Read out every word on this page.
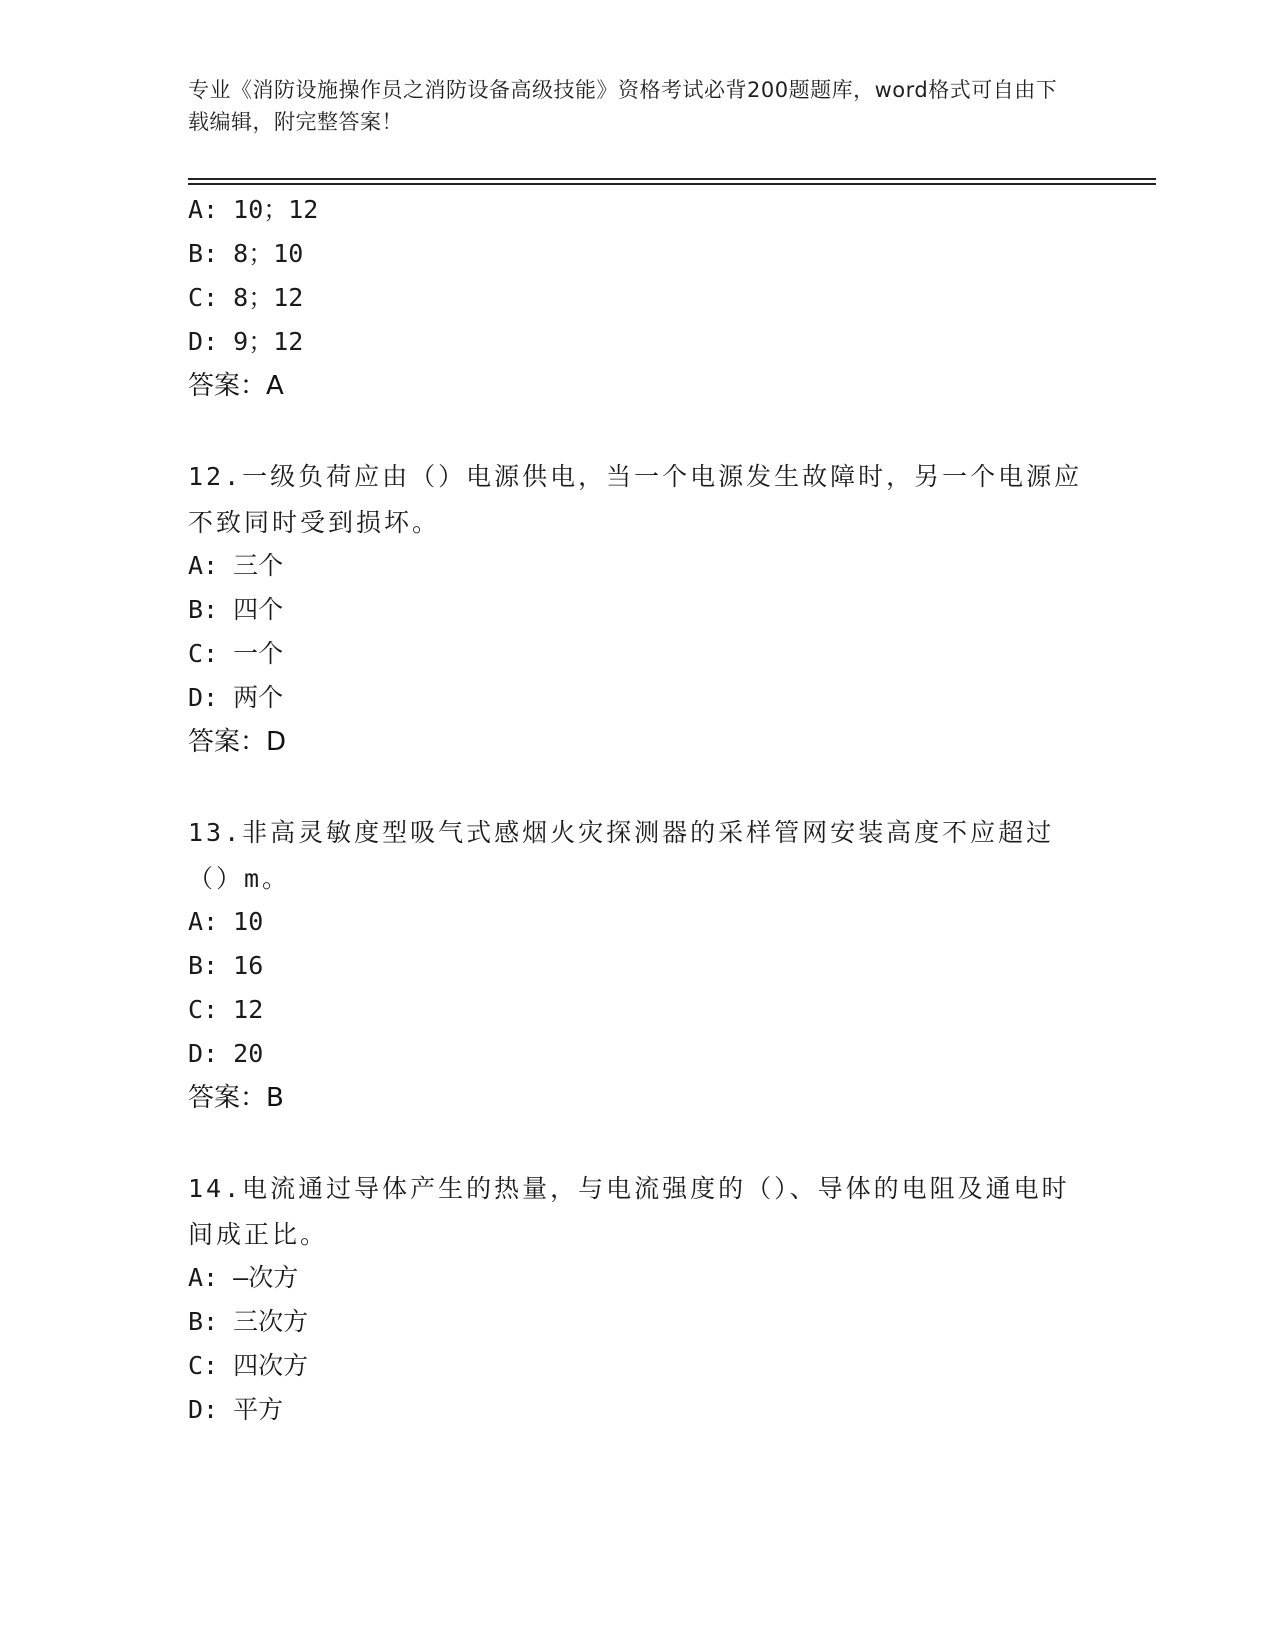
专业《消防设施操作员之消防设备高级技能》资格考试必背200题题库，word格式可自由下载编辑，附完整答案！
A: 10；12
B: 8；10
C: 8；12
D: 9；12
答案：A
12.一级负荷应由（）电源供电，当一个电源发生故障时，另一个电源应不致同时受到损坏。
A: 三个
B: 四个
C: 一个
D: 两个
答案：D
13.非高灵敏度型吸气式感烟火灾探测器的采样管网安装高度不应超过（）m。
A: 10
B: 16
C: 12
D: 20
答案：B
14.电流通过导体产生的热量，与电流强度的（）、导体的电阻及通电时间成正比。
A: —次方
B: 三次方
C: 四次方
D: 平方
